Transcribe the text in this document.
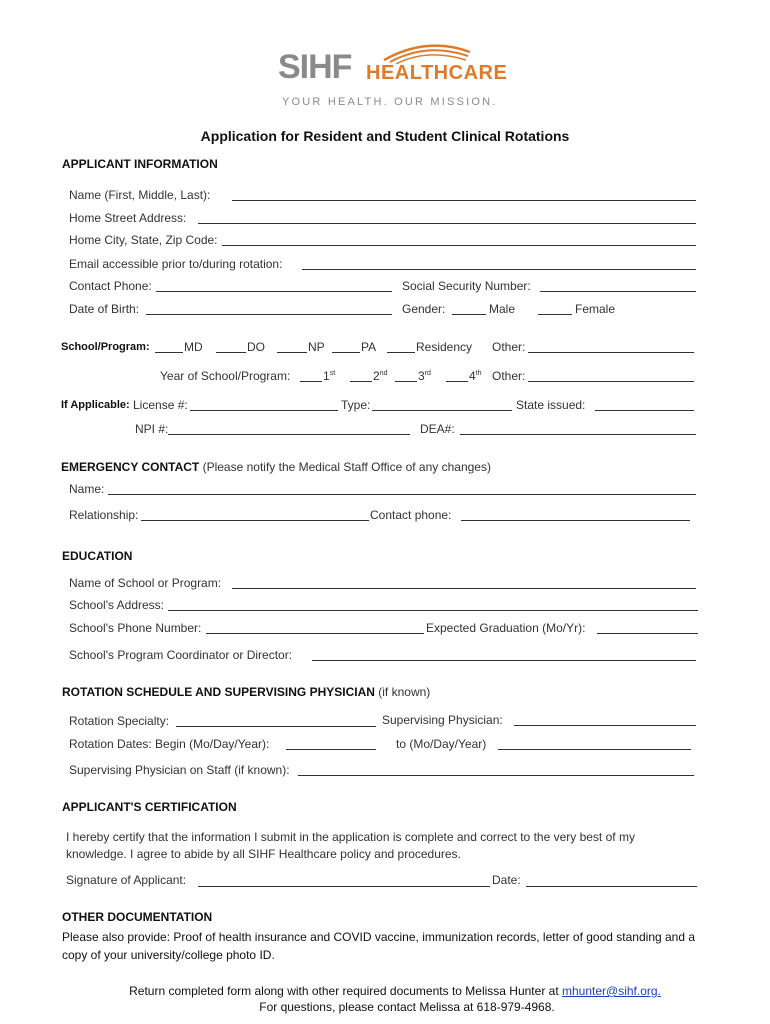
SIHF HEALTHCARE
YOUR HEALTH. OUR MISSION.
Application for Resident and Student Clinical Rotations
APPLICANT INFORMATION
Name (First, Middle, Last):
Home Street Address:
Home City, State, Zip Code:
Email accessible prior to/during rotation:
Contact Phone:	Social Security Number:
Date of Birth:	Gender:	Male	Female
School/Program:	MD	DO	NP	PA	Residency Other:
Year of School/Program:	1st	2nd	3rd	4th Other:
If Applicable: License #:	Type:	State issued:
NPI #:	DEA#:
EMERGENCY CONTACT (Please notify the Medical Staff Office of any changes)
Name:
Relationship:	Contact phone:
EDUCATION
Name of School or Program:
School's Address:
School's Phone Number:	Expected Graduation (Mo/Yr):
School's Program Coordinator or Director:
ROTATION SCHEDULE AND SUPERVISING PHYSICIAN (if known)
Rotation Specialty:	Supervising Physician:
Rotation Dates: Begin (Mo/Day/Year):	to (Mo/Day/Year)
Supervising Physician on Staff (if known):
APPLICANT'S CERTIFICATION
I hereby certify that the information I submit in the application is complete and correct to the very best of my
knowledge. I agree to abide by all SIHF Healthcare policy and procedures.
Signature of Applicant:	Date:
OTHER DOCUMENTATION
Please also provide: Proof of health insurance and COVID vaccine, immunization records, letter of good standing and a
copy of your university/college photo ID.
Return completed form along with other required documents to Melissa Hunter at mhunter@sihf.org.
For questions, please contact Melissa at 618-979-4968.
